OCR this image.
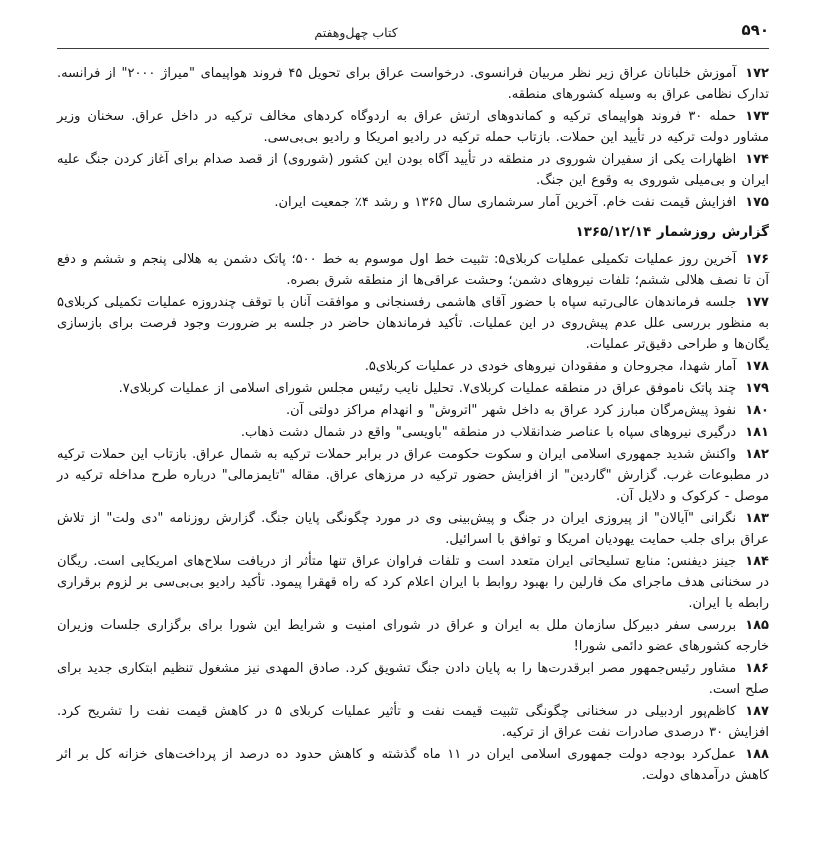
کتاب چهل‌وهفتم	۵۹۰

۱۷۲آموزش خلبانان عراق زیر نظر مربیان فرانسوی. درخواست عراق برای تحویل ۴۵ فروند هواپیمای "میراژ ۲۰۰۰" از فرانسه. تدارک نظامی عراق به وسیله کشورهای منطقه.

۱۷۳حمله ۳۰ فروند هواپیمای ترکیه و کماندوهای ارتش عراق به اردوگاه کردهای مخالف ترکیه در داخل عراق. سخنان وزیر مشاور دولت ترکیه در تأیید این حملات. بازتاب حمله ترکیه در رادیو امریکا و رادیو بی‌بی‌سی.

۱۷۴اظهارات یکی از سفیران شوروی در منطقه در تأیید آگاه بودن این کشور (شوروی) از قصد صدام برای آغاز کردن جنگ علیه ایران و بی‌میلی شوروی به وقوع این جنگ.

۱۷۵افزایش قیمت نفت خام. آخرین آمار سرشماری سال ۱۳۶۵ و رشد ۴٪ جمعیت ایران.

گزارش روزشمار ۱۳۶۵/۱۲/۱۴

۱۷۶آخرین روز عملیات تکمیلی عملیات کربلای۵: تثبیت خط اول موسوم به خط ۵۰۰؛ پاتک دشمن به هلالی پنجم و ششم و دفع آن تا نصف هلالی ششم؛ تلفات نیروهای دشمن؛ وحشت عراقی‌ها از منطقه شرق بصره.

۱۷۷جلسه فرماندهان عالی‌رتبه سپاه با حضور آقای هاشمی رفسنجانی و موافقت آنان با توقف چندروزه عملیات تکمیلی کربلای۵ به منظور بررسی علل عدم پیش‌روی در این عملیات. تأکید فرماندهان حاضر در جلسه بر ضرورت وجود فرصت برای بازسازی یگان‌ها و طراحی دقیق‌تر عملیات.

۱۷۸آمار شهدا، مجروحان و مفقودان نیروهای خودی در عملیات کربلای۵.

۱۷۹چند پاتک ناموفق عراق در منطقه عملیات کربلای۷. تحلیل نایب رئیس مجلس شورای اسلامی از عملیات کربلای۷.

۱۸۰نفوذ پیش‌مرگان مبارز کرد عراق به داخل شهر "اتروش" و انهدام مراکز دولتی آن.

۱۸۱درگیری نیروهای سپاه با عناصر ضدانقلاب در منطقه "باویسی" واقع در شمال دشت ذهاب.

۱۸۲واکنش شدید جمهوری اسلامی ایران و سکوت حکومت عراق در برابر حملات ترکیه به شمال عراق. بازتاب این حملات ترکیه در مطبوعات غرب. گزارش "گاردین" از افزایش حضور ترکیه در مرزهای عراق. مقاله "تایمزمالی" درباره طرح مداخله ترکیه در موصل - کرکوک و دلایل آن.

۱۸۳نگرانی "آیالان" از پیروزی ایران در جنگ و پیش‌بینی وی در مورد چگونگی پایان جنگ. گزارش روزنامه "دی ولت" از تلاش عراق برای جلب حمایت یهودیان امریکا و توافق با اسرائیل.

۱۸۴جینز دیفنس: منابع تسلیحاتی ایران متعدد است و تلفات فراوان عراق تنها متأثر از دریافت سلاح‌های امریکایی است. ریگان در سخنانی هدف ماجرای مک فارلین را بهبود روابط با ایران اعلام کرد که راه قهقرا پیمود. تأکید رادیو بی‌بی‌سی بر لزوم برقراری رابطه با ایران.

۱۸۵بررسی سفر دبیرکل سازمان ملل به ایران و عراق در شورای امنیت و شرایط این شورا برای برگزاری جلسات وزیران خارجه کشورهای عضو دائمی شورا!

۱۸۶مشاور رئیس‌جمهور مصر ابرقدرت‌ها را به پایان دادن جنگ تشویق کرد. صادق المهدی نیز مشغول تنظیم ابتکاری جدید برای صلح است.

۱۸۷کاظم‌پور اردبیلی در سخنانی چگونگی تثبیت قیمت نفت و تأثیر عملیات کربلای ۵ در کاهش قیمت نفت را تشریح کرد. افزایش ۳۰ درصدی صادرات نفت عراق از ترکیه.

۱۸۸عمل‌کرد بودجه دولت جمهوری اسلامی ایران در ۱۱ ماه گذشته و کاهش حدود ده درصد از پرداخت‌های خزانه کل بر اثر کاهش درآمدهای دولت.
